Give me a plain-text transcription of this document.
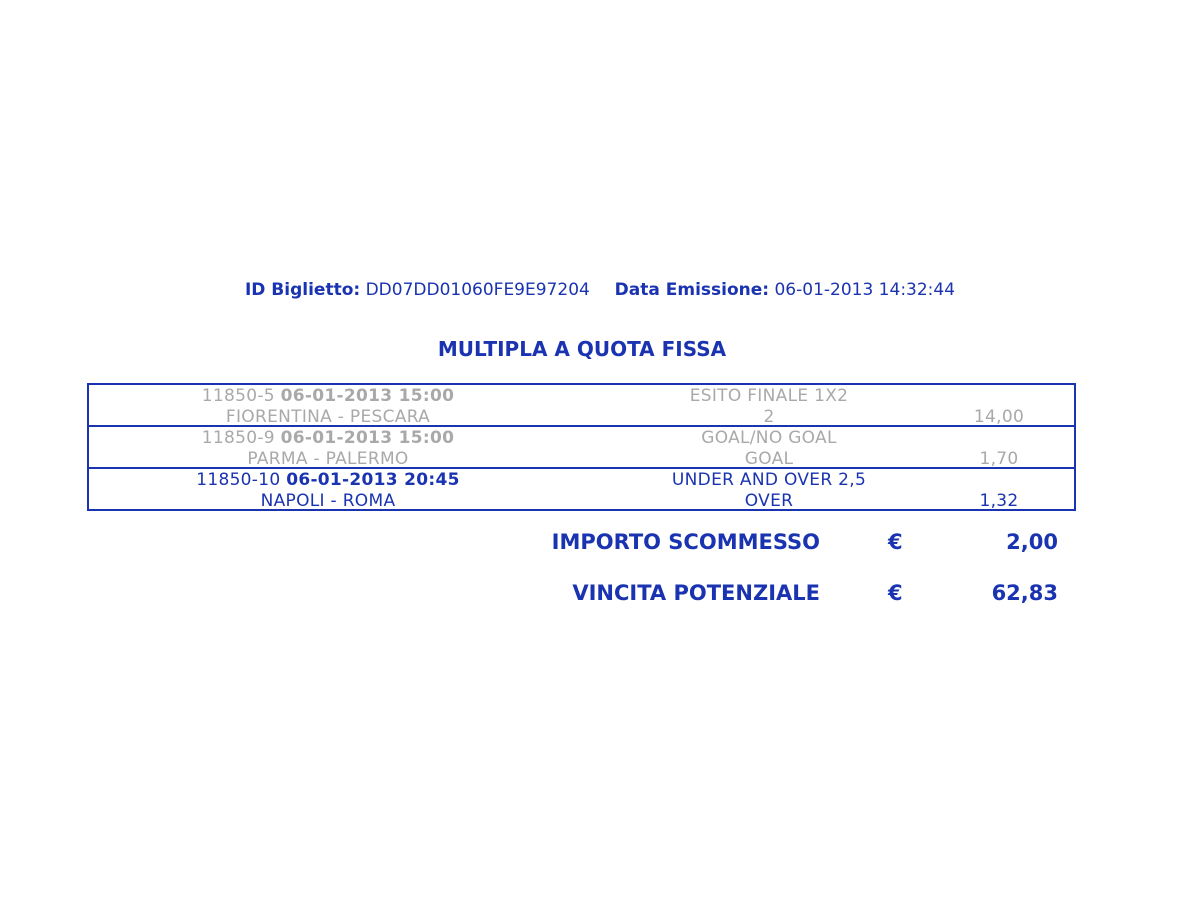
ID Biglietto: DD07DD01060FE9E97204 Data Emissione: 06-01-2013 14:32:44
MULTIPLA A QUOTA FISSA
11850-5 06-01-2013 15:00
FIORENTINA - PESCARA
ESITO FINALE 1X2
2	14,00
11850-9 06-01-2013 15:00
PARMA - PALERMO
GOAL/NO GOAL
GOAL	1,70
11850-10 06-01-2013 20:45
NAPOLI - ROMA
UNDER AND OVER 2,5
OVER	1,32
IMPORTO SCOMMESSO	€	2,00
VINCITA POTENZIALE	€	62,83
